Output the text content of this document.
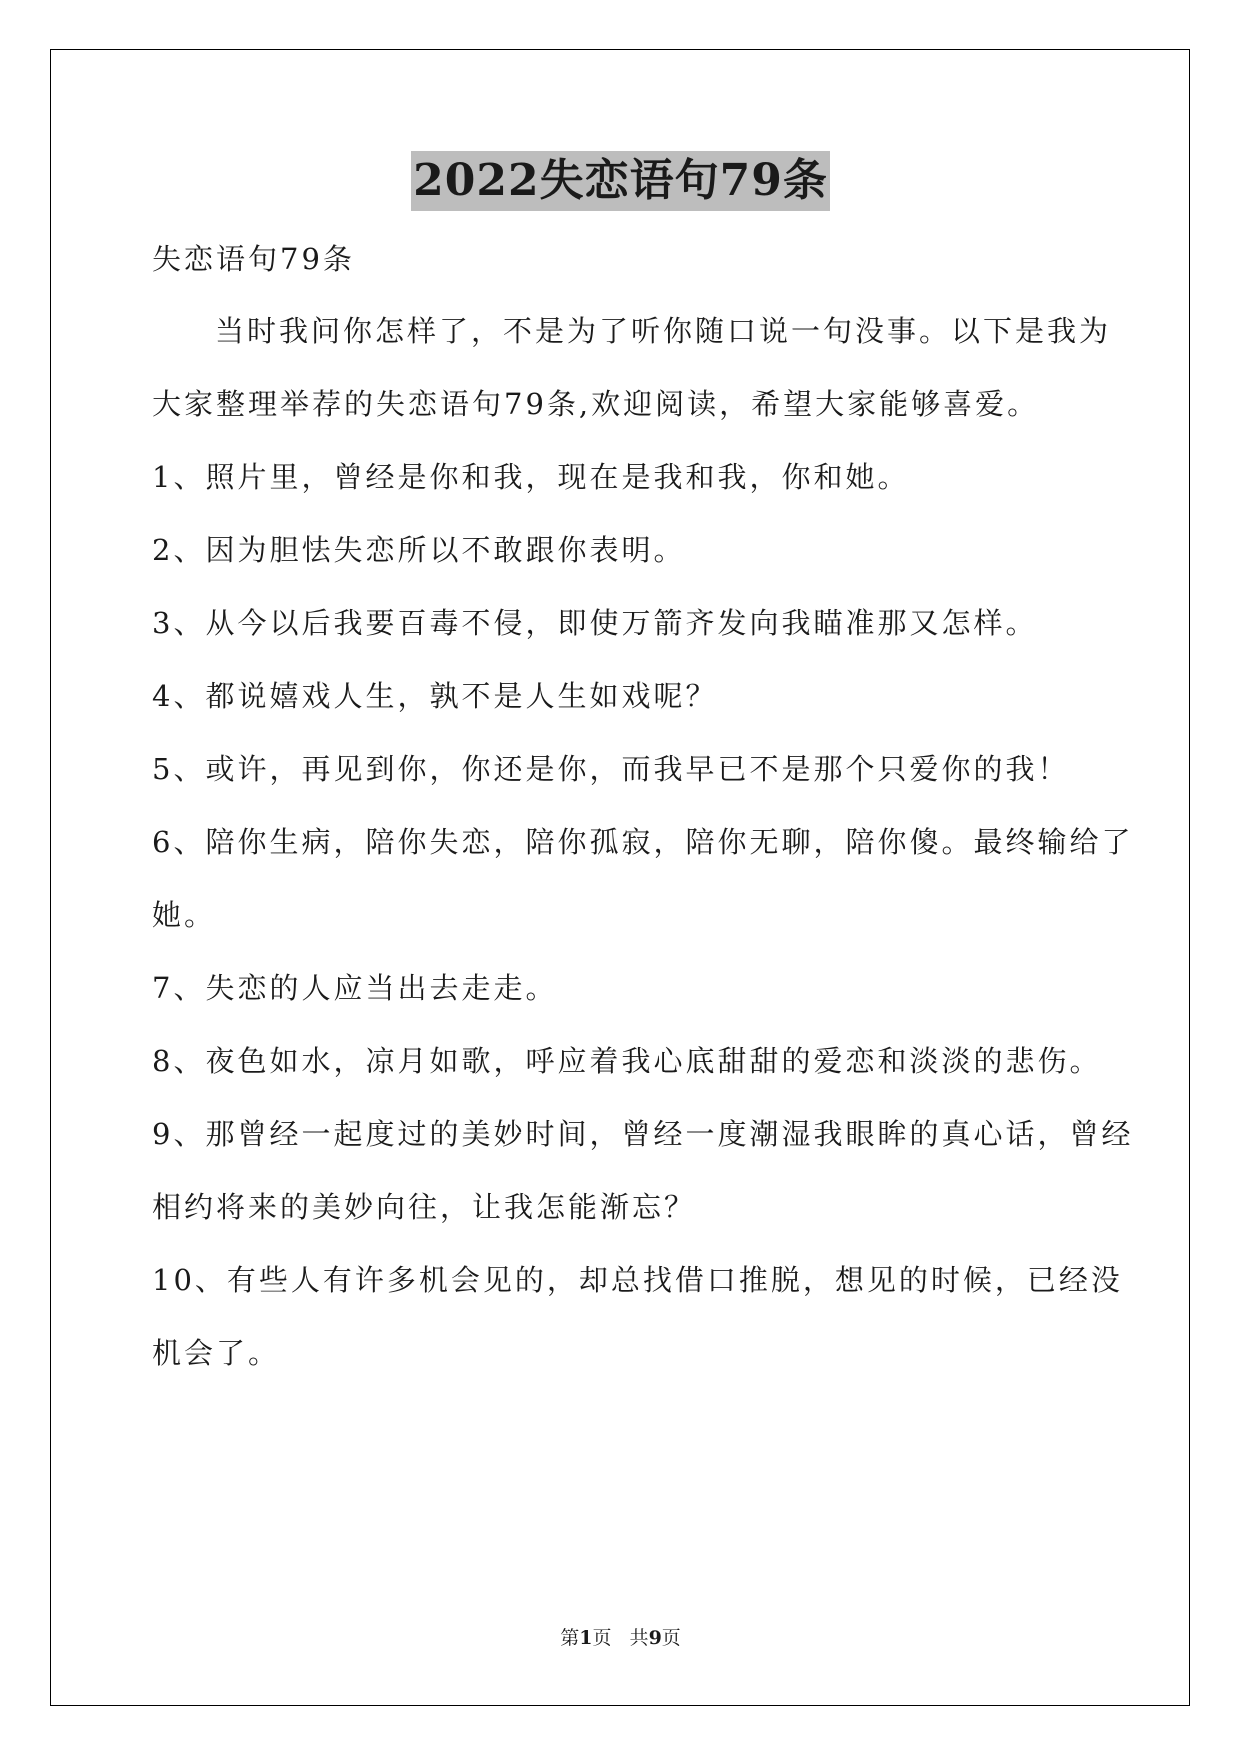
2022失恋语句79条
失恋语句79条
当时我问你怎样了，不是为了听你随口说一句没事。以下是我为
大家整理举荐的失恋语句79条,欢迎阅读，希望大家能够喜爱。
1、照片里，曾经是你和我，现在是我和我，你和她。
2、因为胆怯失恋所以不敢跟你表明。
3、从今以后我要百毒不侵，即使万箭齐发向我瞄准那又怎样。
4、都说嬉戏人生，孰不是人生如戏呢？
5、或许，再见到你，你还是你，而我早已不是那个只爱你的我！
6、陪你生病，陪你失恋，陪你孤寂，陪你无聊，陪你傻。最终输给了
她。
7、失恋的人应当出去走走。
8、夜色如水，凉月如歌，呼应着我心底甜甜的爱恋和淡淡的悲伤。
9、那曾经一起度过的美妙时间，曾经一度潮湿我眼眸的真心话，曾经
相约将来的美妙向往，让我怎能渐忘？
10、有些人有许多机会见的，却总找借口推脱，想见的时候，已经没
机会了。
第1页   共9页
